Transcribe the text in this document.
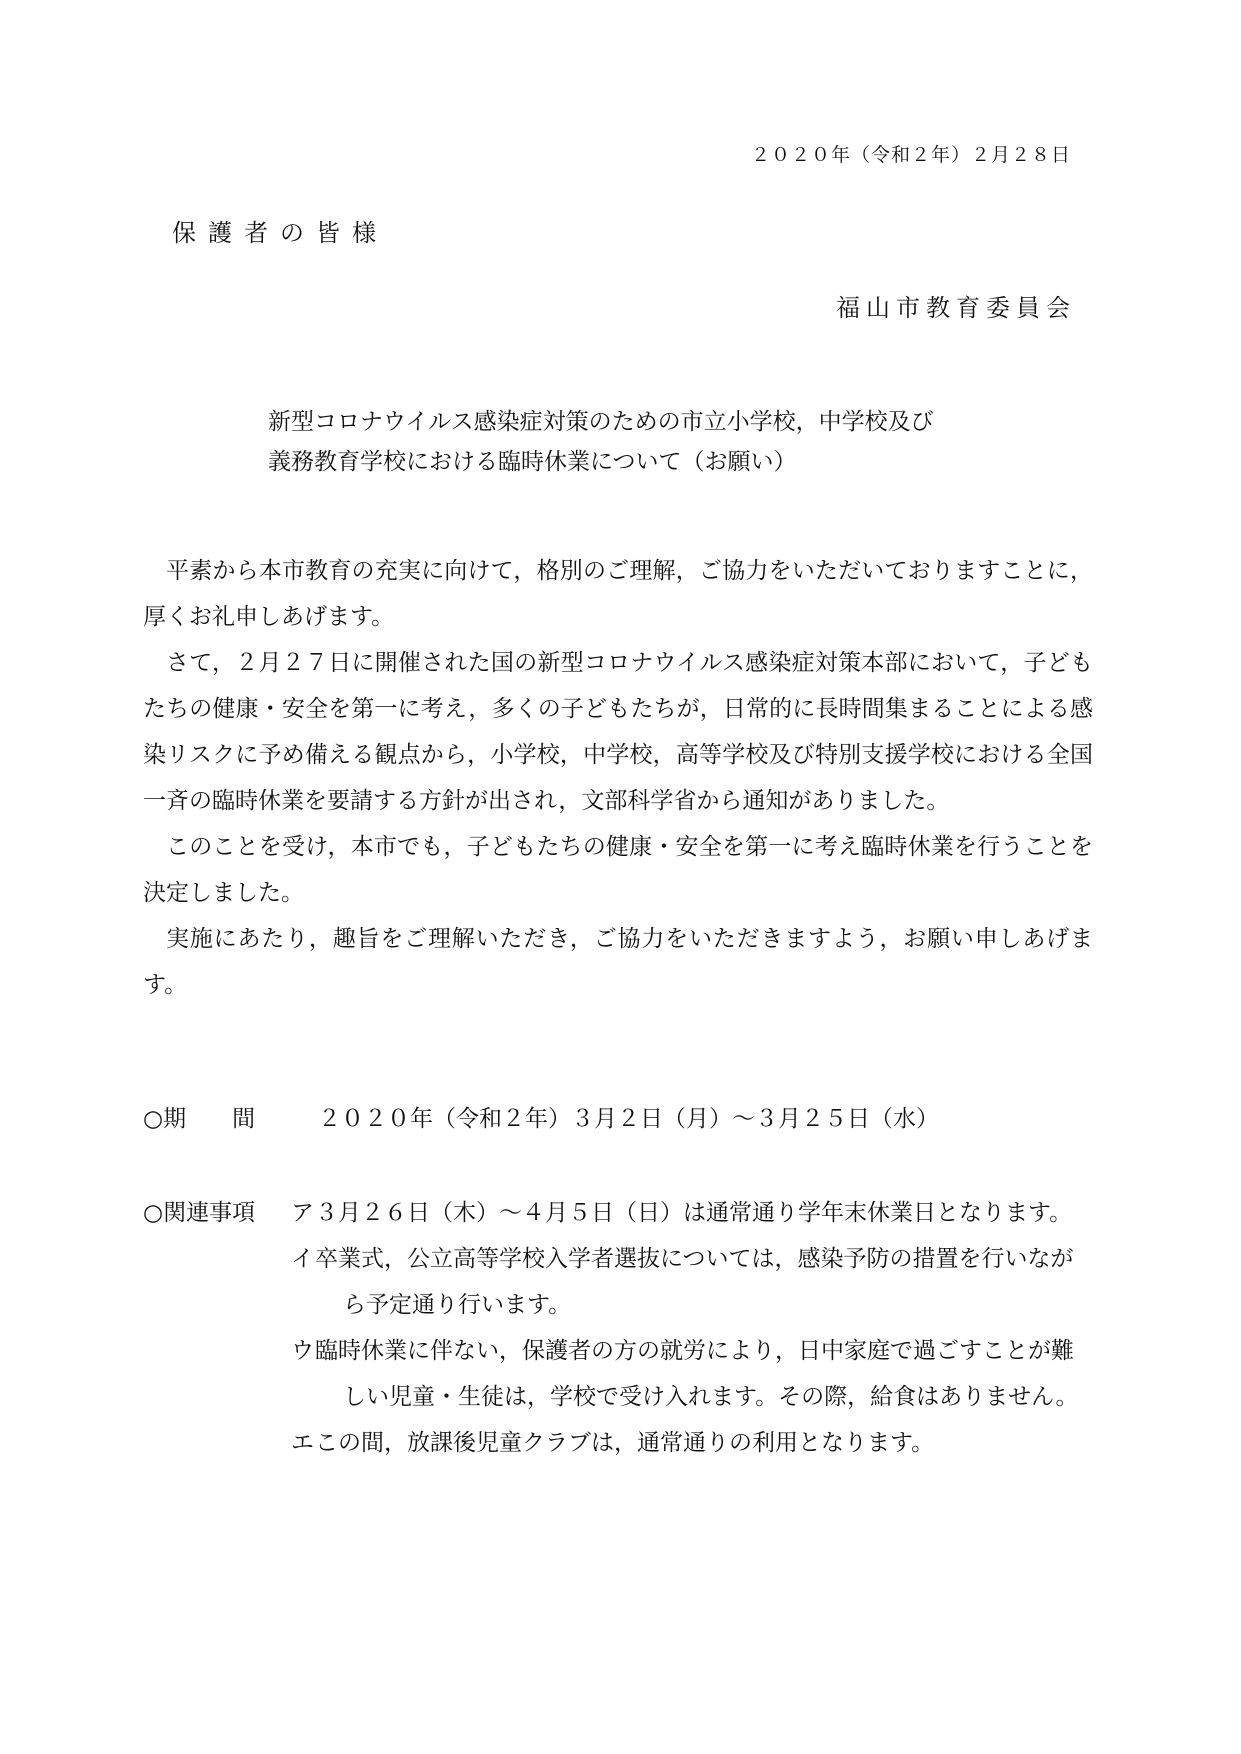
２０２０年（令和２年）２月２８日
保護者の皆様
福山市教育委員会
新型コロナウイルス感染症対策のための市立小学校，中学校及び
義務教育学校における臨時休業について（お願い）

平素から本市教育の充実に向けて，格別のご理解，ご協力をいただいておりますことに，厚くお礼申しあげます。

さて，２月２７日に開催された国の新型コロナウイルス感染症対策本部において，子どもたちの健康・安全を第一に考え，多くの子どもたちが，日常的に長時間集まることによる感染リスクに予め備える観点から，小学校，中学校，高等学校及び特別支援学校における全国一斉の臨時休業を要請する方針が出され，文部科学省から通知がありました。

このことを受け，本市でも，子どもたちの健康・安全を第一に考え臨時休業を行うことを決定しました。

実施にあたり，趣旨をご理解いただき，ご協力をいただきますよう，お願い申しあげます。

○期　　間	２０２０年（令和２年）３月２日（月）～３月２５日（水）
○関連事項 ア ３月２６日（木）～４月５日（日）は通常通り学年末休業日となります。
イ 卒業式，公立高等学校入学者選抜については，感染予防の措置を行いながら予定通り行います。
ウ 臨時休業に伴ない，保護者の方の就労により，日中家庭で過ごすことが難しい児童・生徒は，学校で受け入れます。その際，給食はありません。
エ この間，放課後児童クラブは，通常通りの利用となります。
